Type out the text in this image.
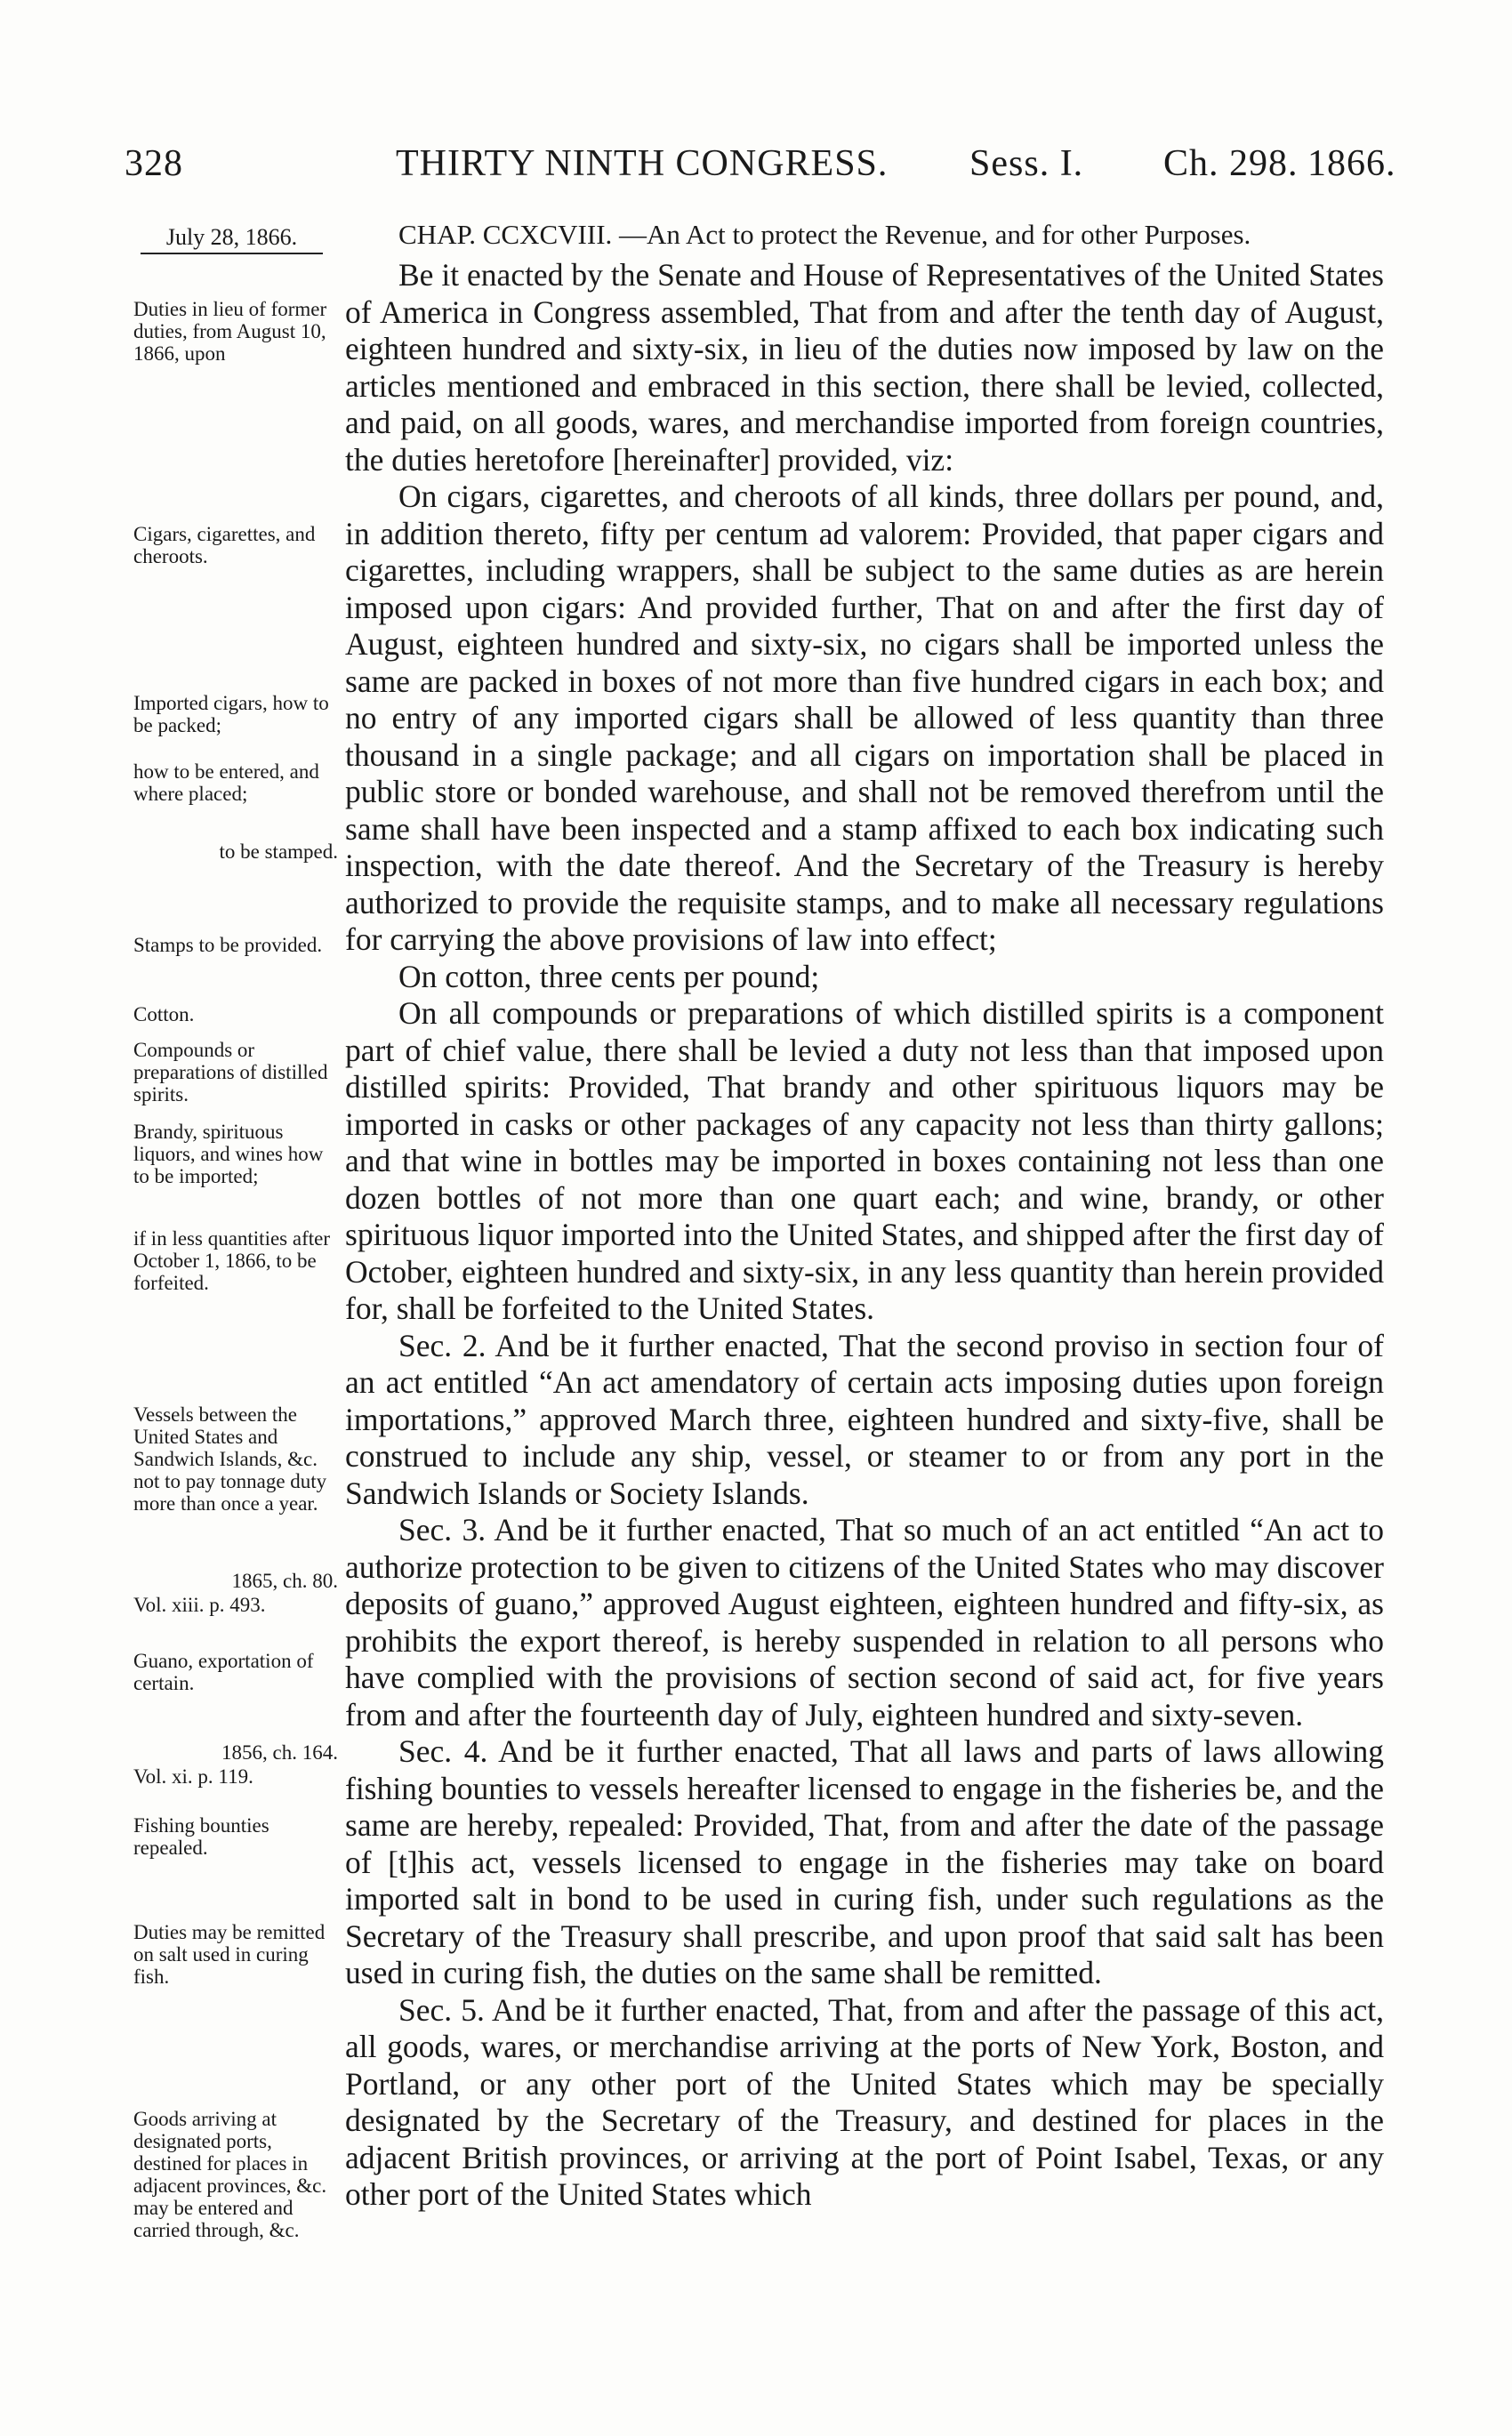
328	THIRTY NINTH CONGRESS. Sess. I. Ch. 298. 1866.
July 28, 1866.	CHAP. CCXCVIII. —An Act to protect the Revenue, and for other Purposes.

Be it enacted by the Senate and House of Representatives of the United States of America in Congress assembled, That from and after the tenth day of August, eighteen hundred and sixty-six, in lieu of the duties now imposed by law on the articles mentioned and embraced in this section, there shall be levied, collected, and paid, on all goods, wares, and merchandise imported from foreign countries, the duties heretofore [hereinafter] provided, viz:

On cigars, cigarettes, and cheroots of all kinds, three dollars per pound, and, in addition thereto, fifty per centum ad valorem: Provided, that paper cigars and cigarettes, including wrappers, shall be subject to the same duties as are herein imposed upon cigars: And provided further, That on and after the first day of August, eighteen hundred and sixty-six, no cigars shall be imported unless the same are packed in boxes of not more than five hundred cigars in each box; and no entry of any imported cigars shall be allowed of less quantity than three thousand in a single package; and all cigars on importation shall be placed in public store or bonded warehouse, and shall not be removed therefrom until the same shall have been inspected and a stamp affixed to each box indicating such inspection, with the date thereof. And the Secretary of the Treasury is hereby authorized to provide the requisite stamps, and to make all necessary regulations for carrying the above provisions of law into effect;

On cotton, three cents per pound;

On all compounds or preparations of which distilled spirits is a component part of chief value, there shall be levied a duty not less than that imposed upon distilled spirits: Provided, That brandy and other spirituous liquors may be imported in casks or other packages of any capacity not less than thirty gallons; and that wine in bottles may be imported in boxes containing not less than one dozen bottles of not more than one quart each; and wine, brandy, or other spirituous liquor imported into the United States, and shipped after the first day of October, eighteen hundred and sixty-six, in any less quantity than herein provided for, shall be forfeited to the United States.

Sec. 2. And be it further enacted, That the second proviso in section four of an act entitled “An act amendatory of certain acts imposing duties upon foreign importations,” approved March three, eighteen hundred and sixty-five, shall be construed to include any ship, vessel, or steamer to or from any port in the Sandwich Islands or Society Islands.

Sec. 3. And be it further enacted, That so much of an act entitled “An act to authorize protection to be given to citizens of the United States who may discover deposits of guano,” approved August eighteen, eighteen hundred and fifty-six, as prohibits the export thereof, is hereby suspended in relation to all persons who have complied with the provisions of section second of said act, for five years from and after the fourteenth day of July, eighteen hundred and sixty-seven.

Sec. 4. And be it further enacted, That all laws and parts of laws allowing fishing bounties to vessels hereafter licensed to engage in the fisheries be, and the same are hereby, repealed: Provided, That, from and after the date of the passage of [t]his act, vessels licensed to engage in the fisheries may take on board imported salt in bond to be used in curing fish, under such regulations as the Secretary of the Treasury shall prescribe, and upon proof that said salt has been used in curing fish, the duties on the same shall be remitted.

Sec. 5. And be it further enacted, That, from and after the passage of this act, all goods, wares, or merchandise arriving at the ports of New York, Boston, and Portland, or any other port of the United States which may be specially designated by the Secretary of the Treasury, and destined for places in the adjacent British provinces, or arriving at the port of Point Isabel, Texas, or any other port of the United States which

Duties in lieu of former duties, from August 10, 1866, upon
Cigars, cigarettes, and cheroots.
Imported cigars, how to be packed;
how to be entered, and where placed;
to be stamped.
Stamps to be provided.
Cotton.
Compounds or preparations of distilled spirits.
Brandy, spirituous liquors, and wines how to be imported;
if in less quantities after October 1, 1866, to be forfeited.
Vessels between the United States and Sandwich Islands, &c. not to pay tonnage duty more than once a year.
1865, ch. 80.
Vol. xiii. p. 493.
Guano, exportation of certain.
1856, ch. 164.
Vol. xi. p. 119.
Fishing bounties repealed.
Duties may be remitted on salt used in curing fish.
Goods arriving at designated ports, destined for places in adjacent provinces, &c. may be entered and carried through, &c.
